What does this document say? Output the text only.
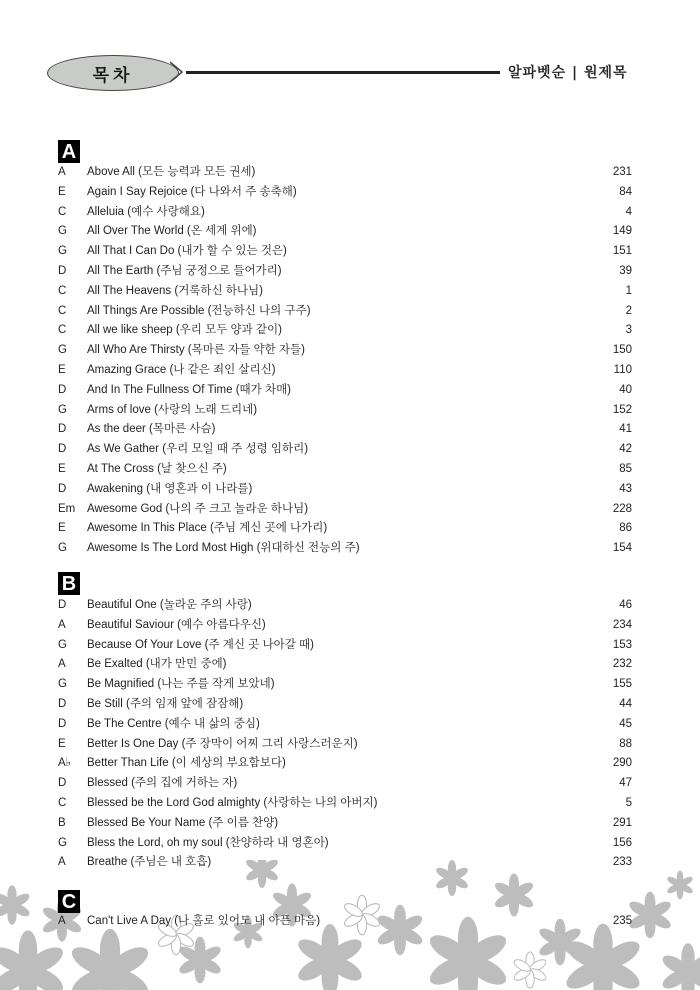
목차	알파벳순 | 원제목
A
A	Above All (모든 능력과 모든 권세)	231
E	Again I Say Rejoice (다 나와서 주 송축해)	84
C	Alleluia (예수 사랑해요)	4
G	All Over The World (온 세계 위에)	149
G	All That I Can Do (내가 할 수 있는 것은)	151
D	All The Earth (주님 궁정으로 들어가리)	39
C	All The Heavens (거룩하신 하나님)	1
C	All Things Are Possible (전능하신 나의 구주)	2
C	All we like sheep (우리 모두 양과 같이)	3
G	All Who Are Thirsty (목마른 자들 약한 자들)	150
E	Amazing Grace (나 같은 죄인 살리신)	110
D	And In The Fullness Of Time (때가 차매)	40
G	Arms of love (사랑의 노래 드리네)	152
D	As the deer (목마른 사슴)	41
D	As We Gather (우리 모일 때 주 성령 임하리)	42
E	At The Cross (날 찾으신 주)	85
D	Awakening (내 영혼과 이 나라를)	43
Em	Awesome God (나의 주 크고 놀라운 하나님)	228
E	Awesome In This Place (주님 계신 곳에 나가리)	86
G	Awesome Is The Lord Most High (위대하신 전능의 주)	154
B
D	Beautiful One (놀라운 주의 사랑)	46
A	Beautiful Saviour (예수 아름다우신)	234
G	Because Of Your Love (주 계신 곳 나아갈 때)	153
A	Be Exalted (내가 만민 중에)	232
G	Be Magnified (나는 주를 작게 보았네)	155
D	Be Still (주의 임재 앞에 잠잠해)	44
D	Be The Centre (예수 내 삶의 중심)	45
E	Better Is One Day (주 장막이 어찌 그리 사랑스러운지)	88
A♭	Better Than Life (이 세상의 부요함보다)	290
D	Blessed (주의 집에 거하는 자)	47
C	Blessed be the Lord God almighty (사랑하는 나의 아버지)	5
B	Blessed Be Your Name (주 이름 찬양)	291
G	Bless the Lord, oh my soul (찬양하라 내 영혼아)	156
A	Breathe (주님은 내 호흡)	233
C
A	Can't Live A Day (나 홀로 있어도 내 아픈 마음)	235
